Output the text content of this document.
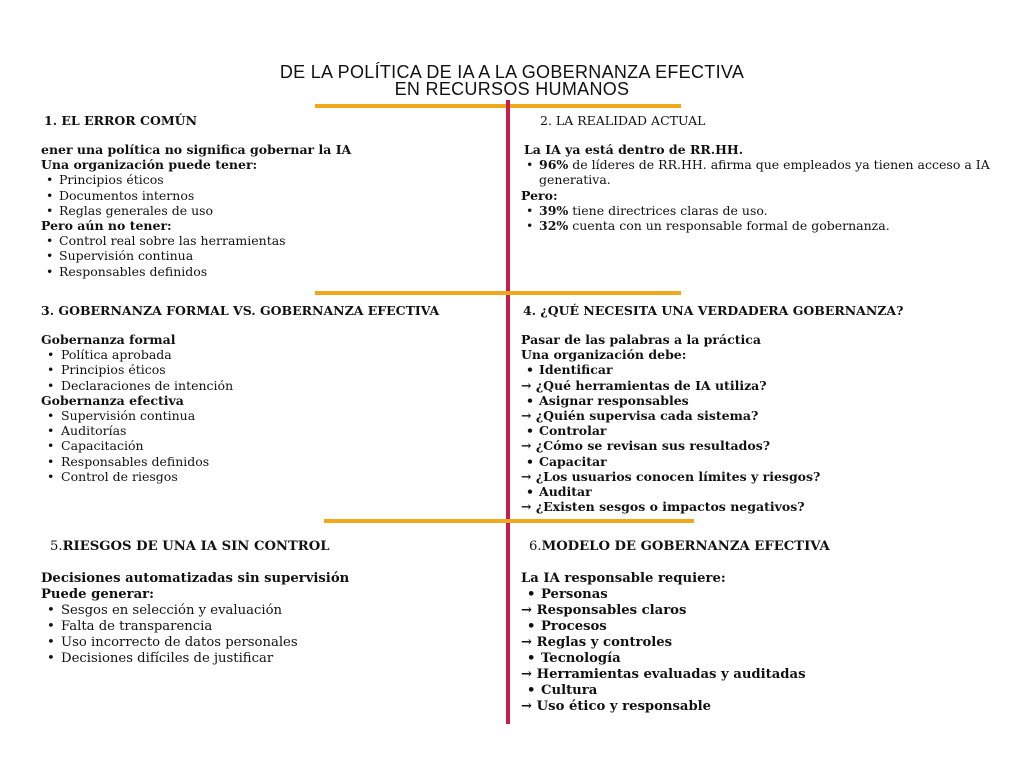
DE LA POLÍTICA DE IA A LA GOBERNANZA EFECTIVA
EN RECURSOS HUMANOS
1. EL ERROR COMÚN
ener una política no significa gobernar la IA
Una organización puede tener:
• Principios éticos
• Documentos internos
• Reglas generales de uso
Pero aún no tener:
• Control real sobre las herramientas
• Supervisión continua
• Responsables definidos
2. LA REALIDAD ACTUAL
La IA ya está dentro de RR.HH.
• 96% de líderes de RR.HH. afirma que empleados ya tienen acceso a IA
generativa.
Pero:
• 39% tiene directrices claras de uso.
• 32% cuenta con un responsable formal de gobernanza.
3. GOBERNANZA FORMAL VS. GOBERNANZA EFECTIVA
Gobernanza formal
• Política aprobada
• Principios éticos
• Declaraciones de intención
Gobernanza efectiva
• Supervisión continua
• Auditorías
• Capacitación
• Responsables definidos
• Control de riesgos
4. ¿QUÉ NECESITA UNA VERDADERA GOBERNANZA?
Pasar de las palabras a la práctica
Una organización debe:
• Identificar
→ ¿Qué herramientas de IA utiliza?
• Asignar responsables
→ ¿Quién supervisa cada sistema?
• Controlar
→ ¿Cómo se revisan sus resultados?
• Capacitar
→ ¿Los usuarios conocen límites y riesgos?
• Auditar
→ ¿Existen sesgos o impactos negativos?
5.RIESGOS DE UNA IA SIN CONTROL
Decisiones automatizadas sin supervisión
Puede generar:
• Sesgos en selección y evaluación
• Falta de transparencia
• Uso incorrecto de datos personales
• Decisiones difíciles de justificar
6.MODELO DE GOBERNANZA EFECTIVA
La IA responsable requiere:
• Personas
→ Responsables claros
• Procesos
→ Reglas y controles
• Tecnología
→ Herramientas evaluadas y auditadas
• Cultura
→ Uso ético y responsable
